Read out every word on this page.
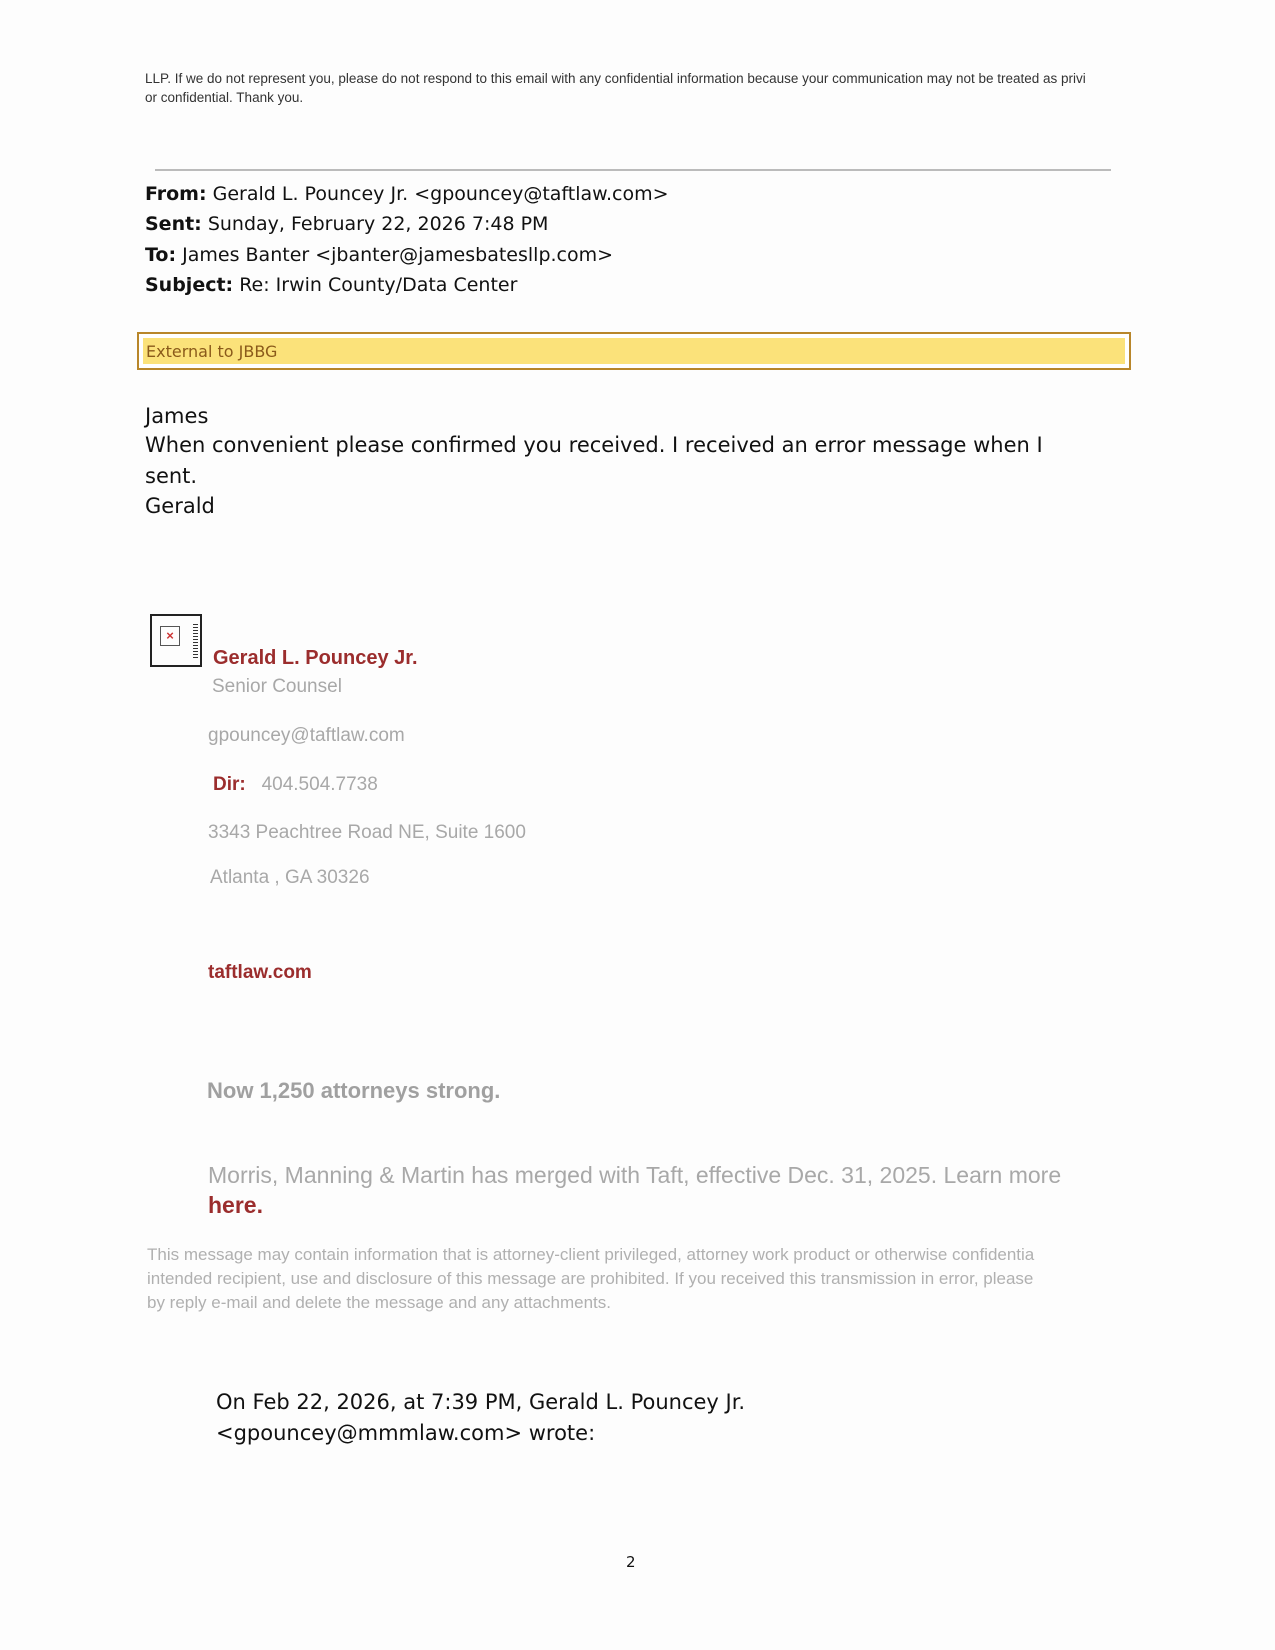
LLP. If we do not represent you, please do not respond to this email with any confidential information because your communication may not be treated as privi
or confidential. Thank you.
From: Gerald L. Pouncey Jr. <gpouncey@taftlaw.com>
Sent: Sunday, February 22, 2026 7:48 PM
To: James Banter <jbanter@jamesbatesllp.com>
Subject: Re: Irwin County/Data Center
External to JBBG
James
When convenient please confirmed you received. I received an error message when I
sent.
Gerald
×
Gerald L. Pouncey Jr.
Senior Counsel
gpouncey@taftlaw.com
Dir: 404.504.7738
3343 Peachtree Road NE, Suite 1600
Atlanta , GA 30326
taftlaw.com
Now 1,250 attorneys strong.
Morris, Manning & Martin has merged with Taft, effective Dec. 31, 2025. Learn more
here.
This message may contain information that is attorney-client privileged, attorney work product or otherwise confidentia
intended recipient, use and disclosure of this message are prohibited. If you received this transmission in error, please
by reply e-mail and delete the message and any attachments.
On Feb 22, 2026, at 7:39 PM, Gerald L. Pouncey Jr.
<gpouncey@mmmlaw.com> wrote:
2
